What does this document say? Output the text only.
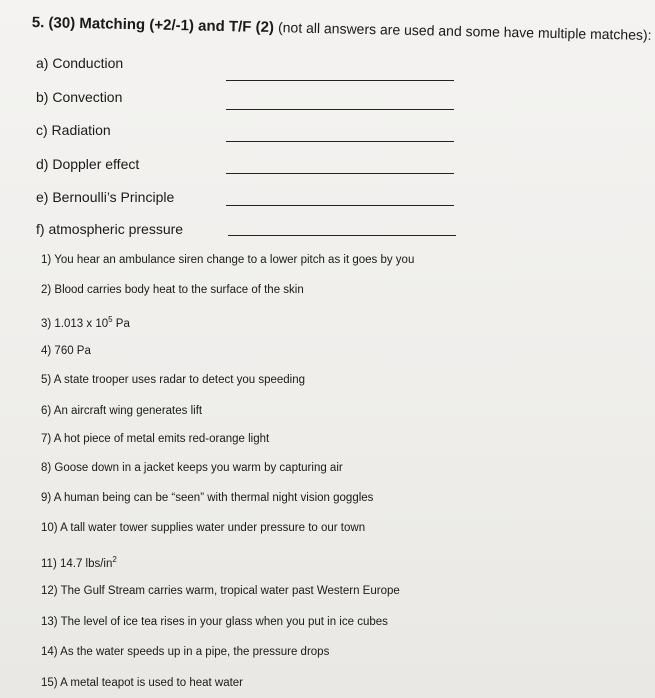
5. (30) Matching (+2/-1) and T/F (2) (not all answers are used and some have multiple matches):
a) Conduction
b) Convection
c) Radiation
d) Doppler effect
e) Bernoulli’s Principle
f) atmospheric pressure
1) You hear an ambulance siren change to a lower pitch as it goes by you
2) Blood carries body heat to the surface of the skin
3) 1.013 x $10^5$ Pa
4) 760 Pa
5) A state trooper uses radar to detect you speeding
6) An aircraft wing generates lift
7) A hot piece of metal emits red-orange light
8) Goose down in a jacket keeps you warm by capturing air
9) A human being can be “seen” with thermal night vision goggles
10) A tall water tower supplies water under pressure to our town
11) 14.7 lbs/$in^2$
12) The Gulf Stream carries warm, tropical water past Western Europe
13) The level of ice tea rises in your glass when you put in ice cubes
14) As the water speeds up in a pipe, the pressure drops
15) A metal teapot is used to heat water
